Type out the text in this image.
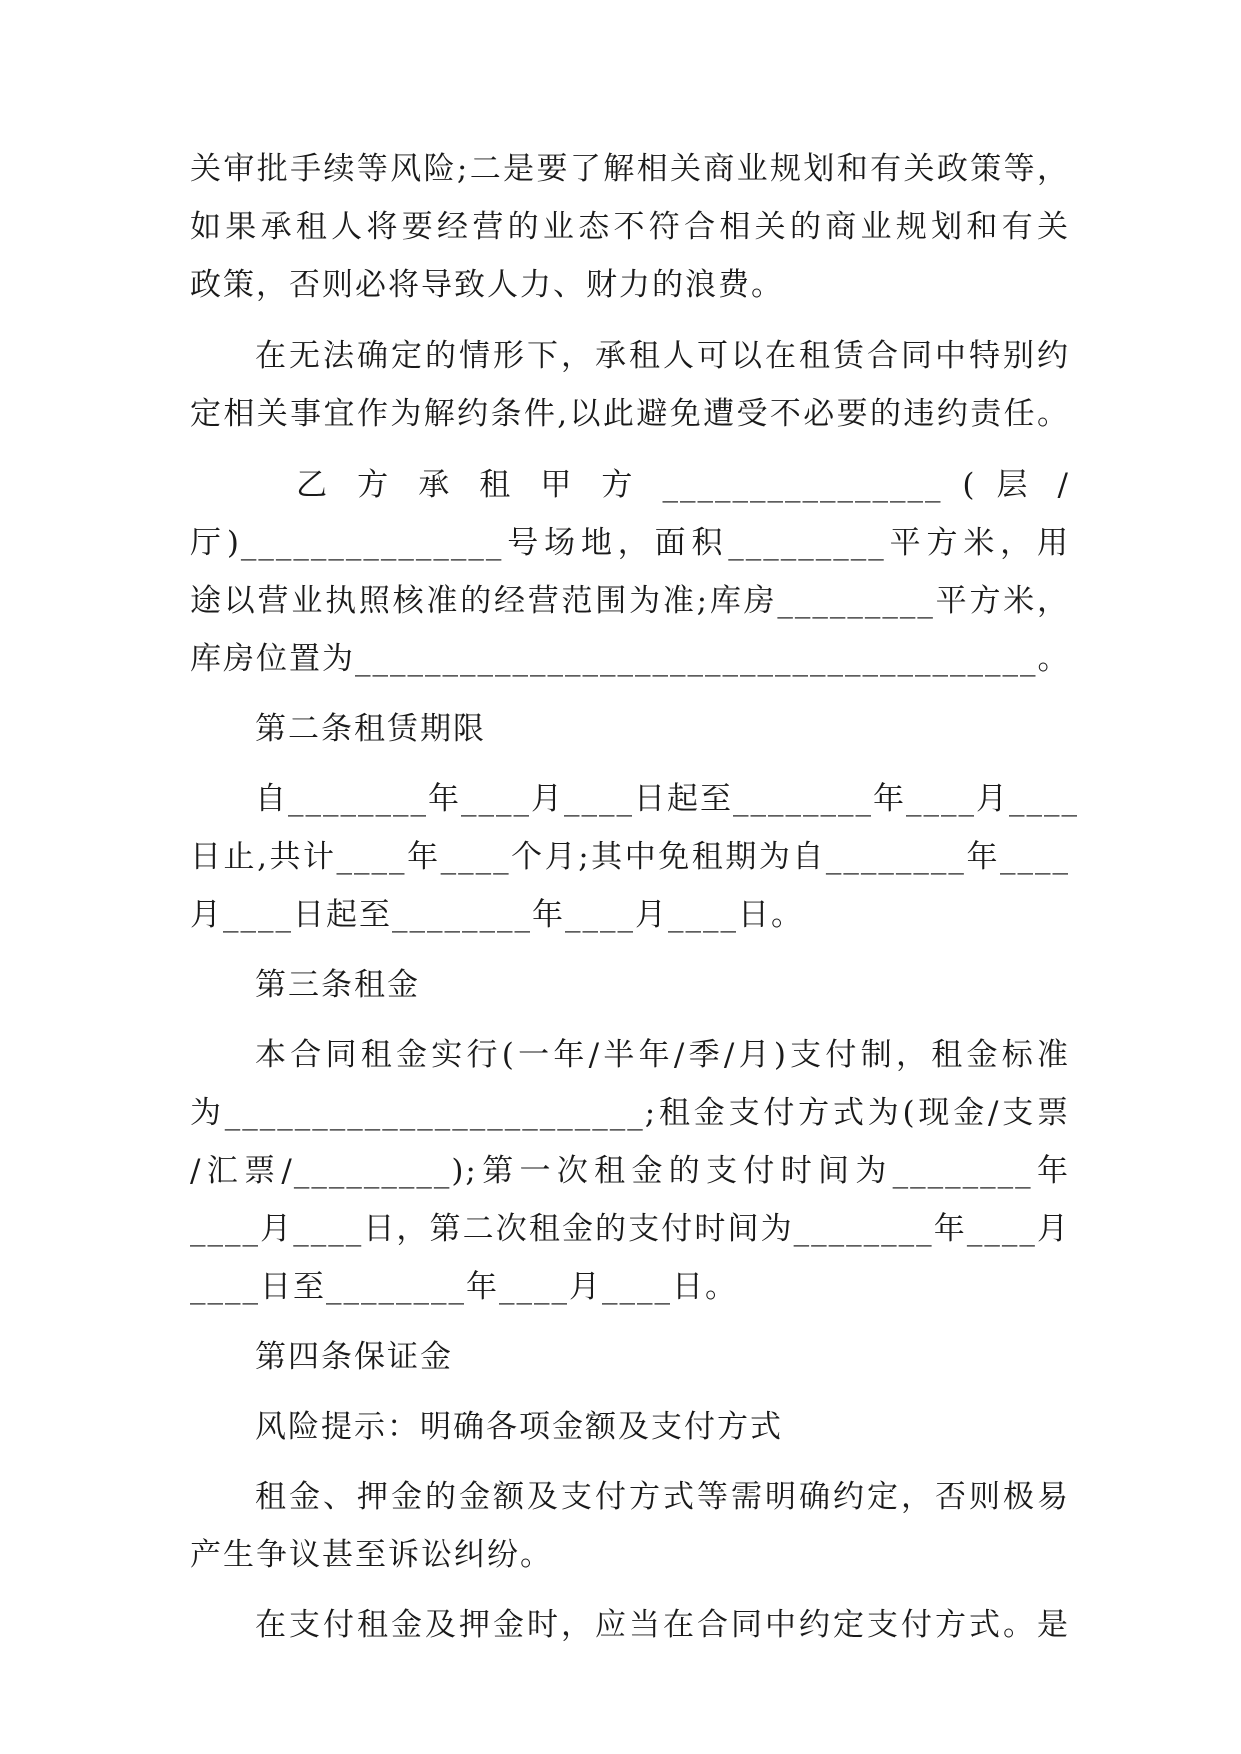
关审批手续等风险;二是要了解相关商业规划和有关政策等，
如果承租人将要经营的业态不符合相关的商业规划和有关
政策，否则必将导致人力、财力的浪费。
在无法确定的情形下，承租人可以在租赁合同中特别约
定相关事宜作为解约条件,以此避免遭受不必要的违约责任。
　乙 方 承 租 甲 方 ________________ ( 层 /
厅)_______________号场地，面积_________平方米，用
途以营业执照核准的经营范围为准;库房_________平方米，
库房位置为_______________________________________。
第二条租赁期限
自________年____月____日起至________年____月____
日止,共计____年____个月;其中免租期为自________年____
月____日起至________年____月____日。
第三条租金
本合同租金实行(一年/半年/季/月)支付制，租金标准
为________________________;租金支付方式为(现金/支票
/汇票/_________);第一次租金的支付时间为________年
____月____日，第二次租金的支付时间为________年____月
____日至________年____月____日。
第四条保证金
风险提示：明确各项金额及支付方式
租金、押金的金额及支付方式等需明确约定，否则极易
产生争议甚至诉讼纠纷。
在支付租金及押金时，应当在合同中约定支付方式。是
